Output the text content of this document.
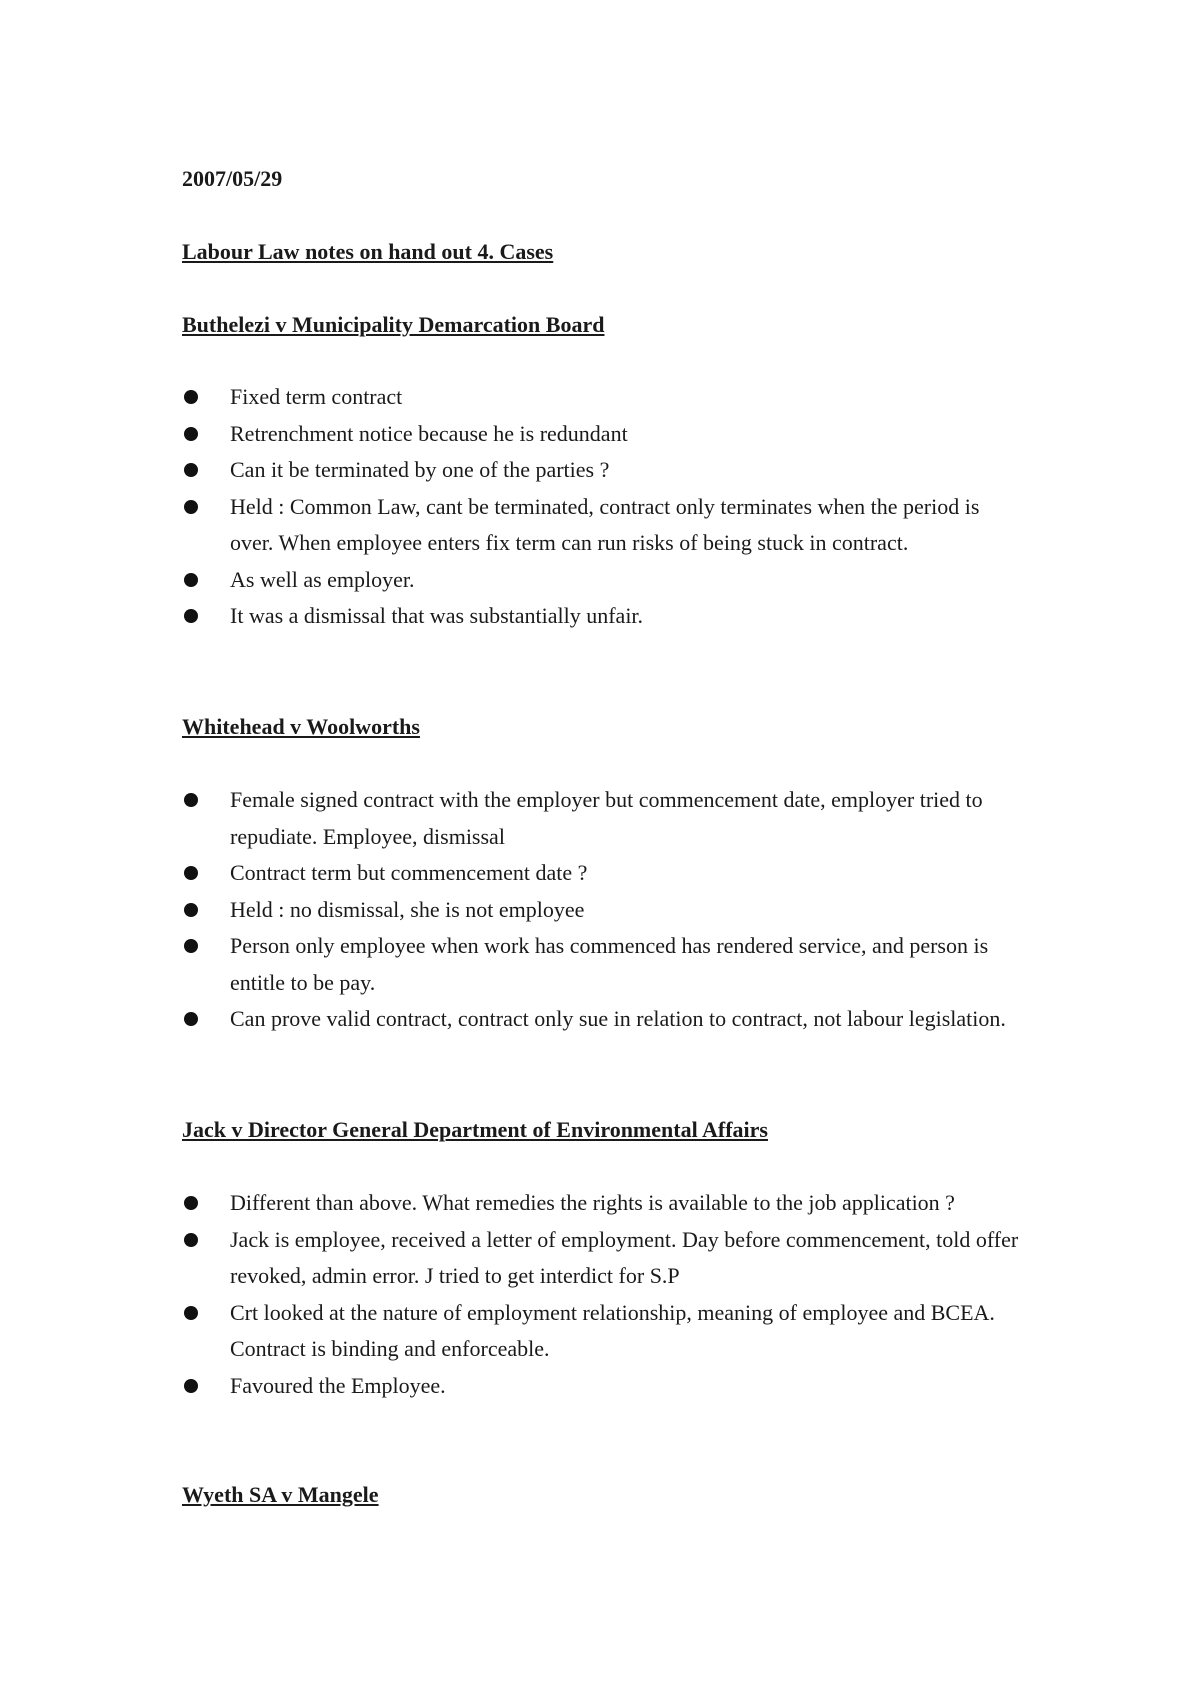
2007/05/29
Labour Law notes on hand out 4. Cases
Buthelezi v Municipality Demarcation Board
Fixed term contract
Retrenchment notice because he is redundant
Can it be terminated by one of the parties ?
Held : Common Law, cant be terminated, contract only terminates when the period is over. When employee enters fix term can run risks of being stuck in contract.
As well as employer.
It was a dismissal that was substantially unfair.
Whitehead v Woolworths
Female signed contract with the employer but commencement date, employer tried to repudiate. Employee, dismissal
Contract term but commencement date ?
Held : no dismissal, she is not employee
Person only employee when work has commenced has rendered service, and person is entitle to be pay.
Can prove valid contract, contract only sue in relation to contract, not labour legislation.
Jack v Director General Department of Environmental Affairs
Different than above. What remedies the rights is available to the job application ?
Jack is employee, received a letter of employment. Day before commencement, told offer revoked, admin error. J tried to get interdict for S.P
Crt looked at the nature of employment relationship, meaning of employee and BCEA. Contract is binding and enforceable.
Favoured the Employee.
Wyeth SA v Mangele
